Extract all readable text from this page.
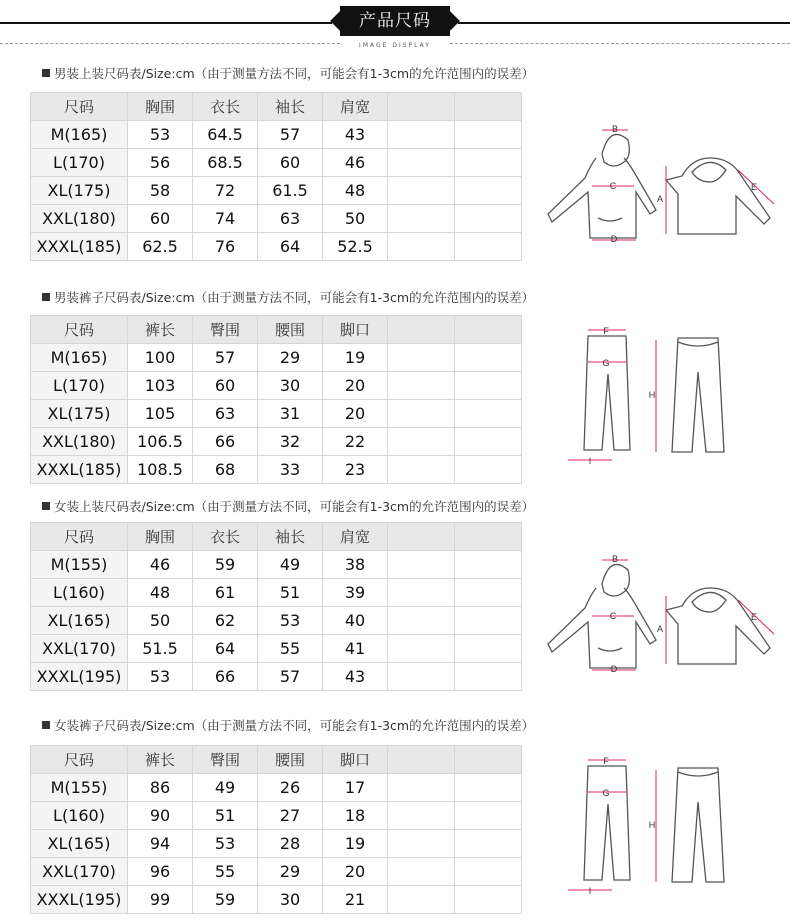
产品尺码
IMAGE DISPLAY
男装上装尺码表/Size:cm（由于测量方法不同，可能会有1-3cm的允许范围内的误差）
男装裤子尺码表/Size:cm（由于测量方法不同，可能会有1-3cm的允许范围内的误差）
女装上装尺码表/Size:cm（由于测量方法不同，可能会有1-3cm的允许范围内的误差）
女装裤子尺码表/Size:cm（由于测量方法不同，可能会有1-3cm的允许范围内的误差）
尺码	胸围	衣长	袖长	肩宽		
M(165)	53	64.5	57	43		
L(170)	56	68.5	60	46		
XL(175)	58	72	61.5	48		
XXL(180)	60	74	63	50		
XXXL(185)	62.5	76	64	52.5		
尺码	裤长	臀围	腰围	脚口		
M(165)	100	57	29	19		
L(170)	103	60	30	20		
XL(175)	105	63	31	20		
XXL(180)	106.5	66	32	22		
XXXL(185)	108.5	68	33	23		
尺码	胸围	衣长	袖长	肩宽		
M(155)	46	59	49	38		
L(160)	48	61	51	39		
XL(165)	50	62	53	40		
XXL(170)	51.5	64	55	41		
XXXL(195)	53	66	57	43		
尺码	裤长	臀围	腰围	脚口		
M(155)	86	49	26	17		
L(160)	90	51	27	18		
XL(165)	94	53	28	19		
XXL(170)	96	55	29	20		
XXXL(195)	99	59	30	21		
B
C
A
D
E
F
G
H
I
B
C
A
D
E
F
G
H
I
